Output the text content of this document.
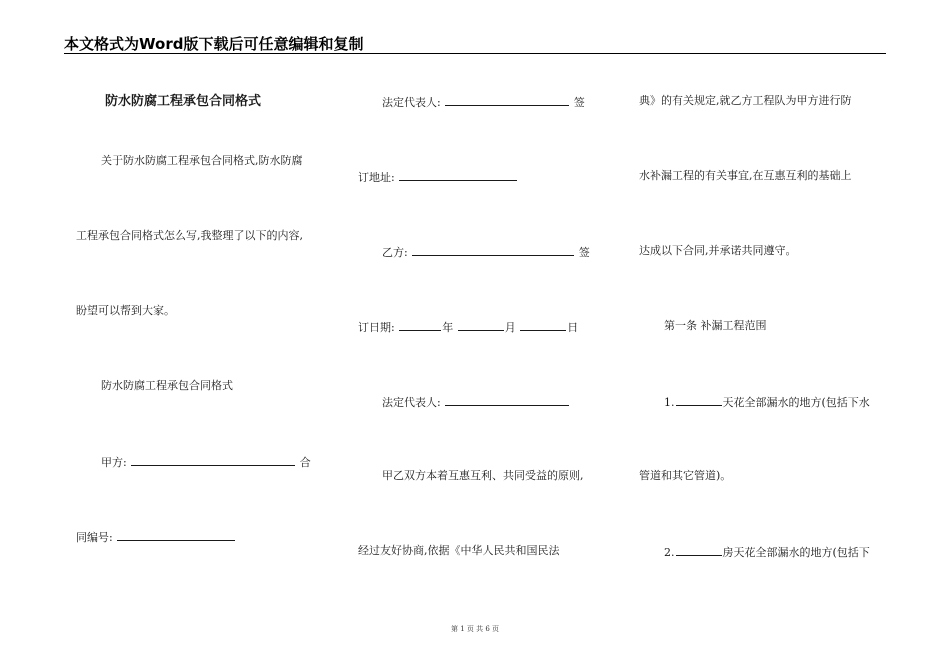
本文格式为Word版下载后可任意编辑和复制
防水防腐工程承包合同格式
关于防水防腐工程承包合同格式,防水防腐
工程承包合同格式怎么写,我整理了以下的内容,
盼望可以帮到大家。
防水防腐工程承包合同格式
甲方:	合
同编号:
法定代表人:	签
订地址:
乙方:	签
订日期:	年	月	日
法定代表人:
甲乙双方本着互惠互利、共同受益的原则,
经过友好协商,依据《中华人民共和国民法
典》的有关规定,就乙方工程队为甲方进行防
水补漏工程的有关事宜,在互惠互利的基础上
达成以下合同,并承诺共同遵守。
第一条 补漏工程范围
1.	天花全部漏水的地方(包括下水
管道和其它管道)。
2.	房天花全部漏水的地方(包括下
第 1 页 共 6 页
